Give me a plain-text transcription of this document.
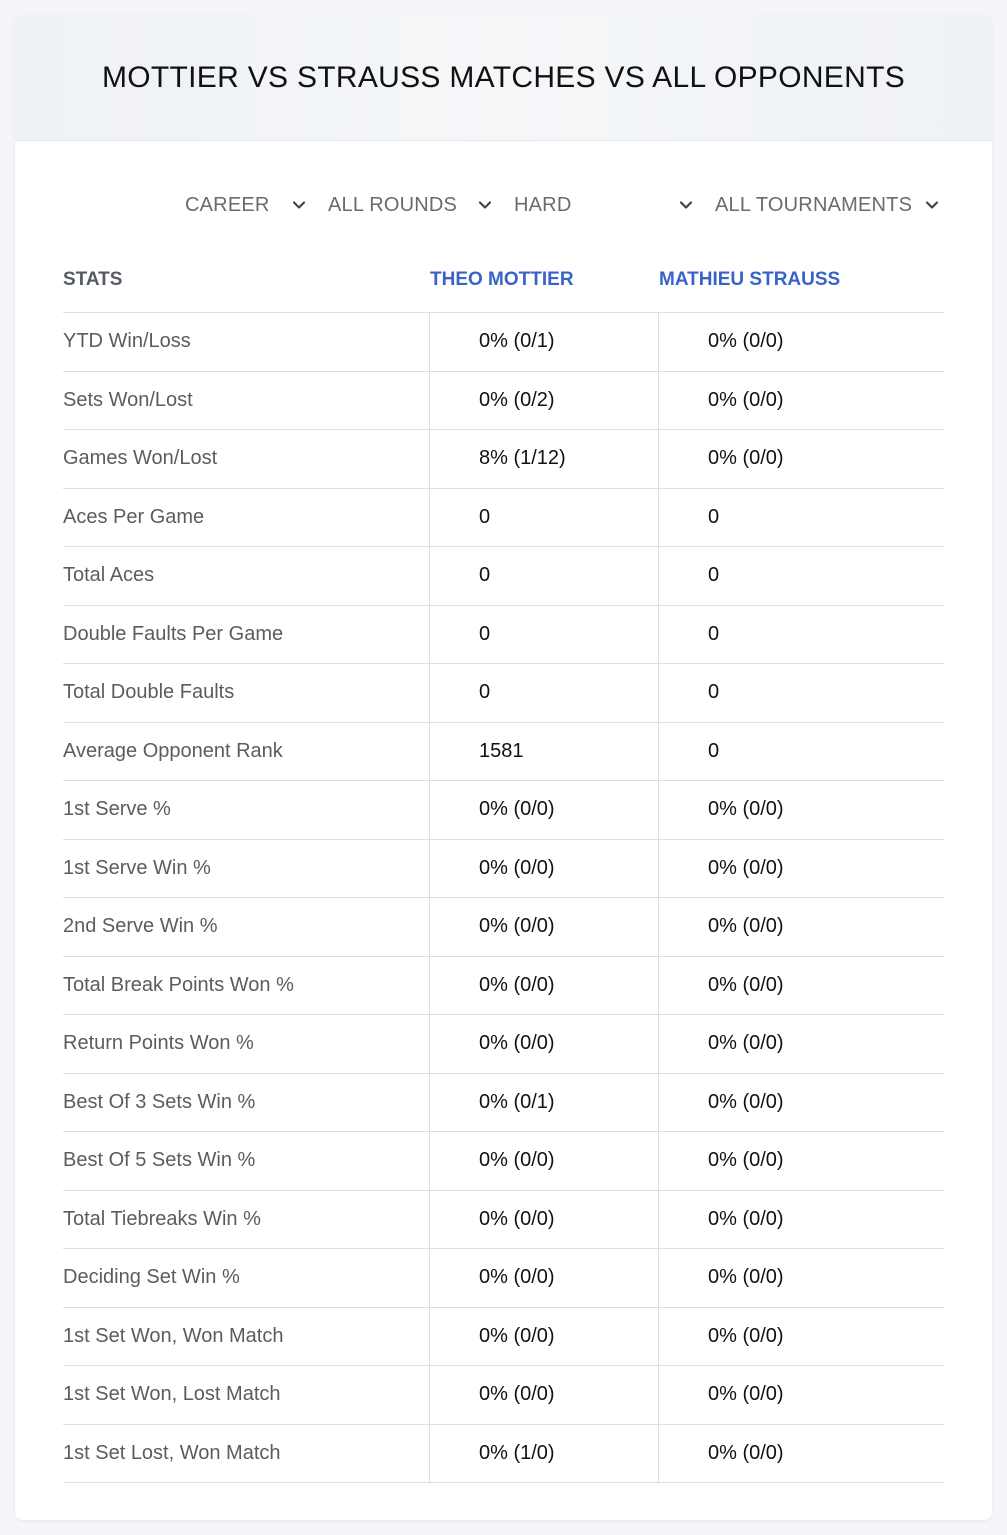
MOTTIER VS STRAUSS MATCHES VS ALL OPPONENTS
CAREER	ALL ROUNDS	HARD	ALL TOURNAMENTS
STATS	THEO MOTTIER	MATHIEU STRAUSS
YTD Win/Loss	0% (0/1)	0% (0/0)
Sets Won/Lost	0% (0/2)	0% (0/0)
Games Won/Lost	8% (1/12)	0% (0/0)
Aces Per Game	0	0
Total Aces	0	0
Double Faults Per Game	0	0
Total Double Faults	0	0
Average Opponent Rank	1581	0
1st Serve %	0% (0/0)	0% (0/0)
1st Serve Win %	0% (0/0)	0% (0/0)
2nd Serve Win %	0% (0/0)	0% (0/0)
Total Break Points Won %	0% (0/0)	0% (0/0)
Return Points Won %	0% (0/0)	0% (0/0)
Best Of 3 Sets Win %	0% (0/1)	0% (0/0)
Best Of 5 Sets Win %	0% (0/0)	0% (0/0)
Total Tiebreaks Win %	0% (0/0)	0% (0/0)
Deciding Set Win %	0% (0/0)	0% (0/0)
1st Set Won, Won Match	0% (0/0)	0% (0/0)
1st Set Won, Lost Match	0% (0/0)	0% (0/0)
1st Set Lost, Won Match	0% (1/0)	0% (0/0)
